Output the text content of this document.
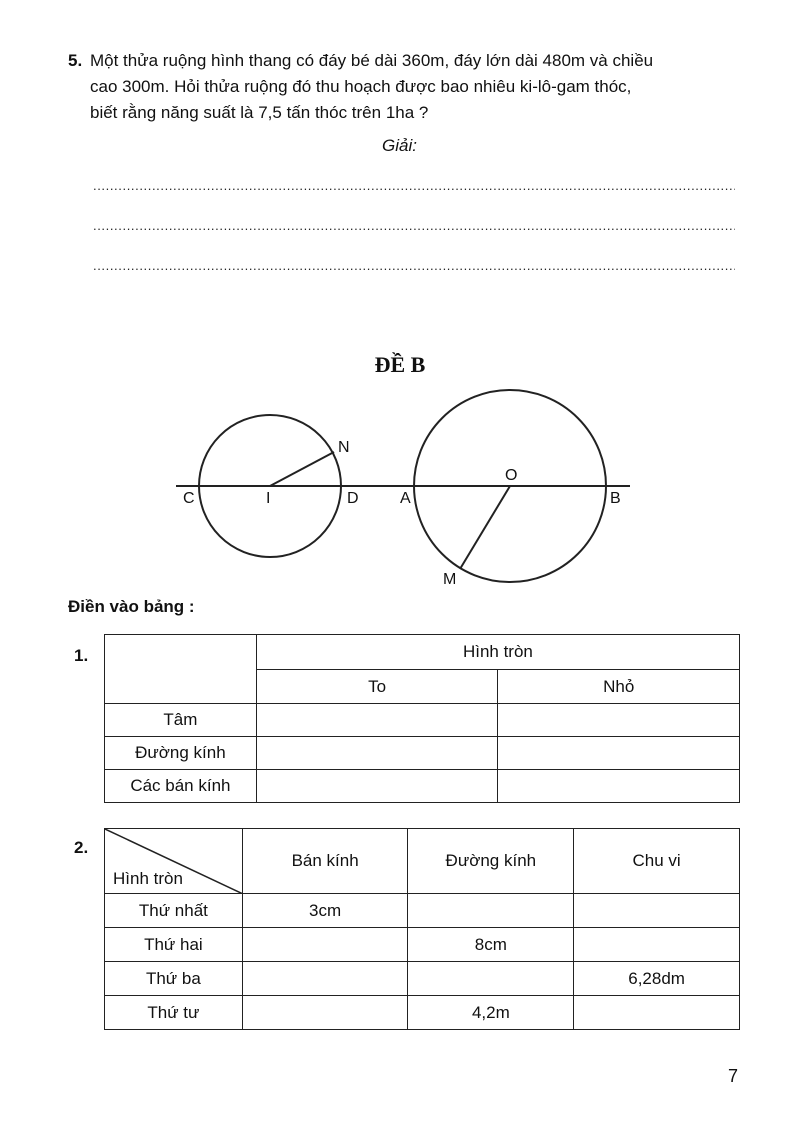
5. Một thửa ruộng hình thang có đáy bé dài 360m, đáy lớn dài 480m và chiều
cao 300m. Hỏi thửa ruộng đó thu hoạch được bao nhiêu ki-lô-gam thóc,
biết rằng năng suất là 7,5 tấn thóc trên 1ha ?
Giải:
.....
.....
.....
ĐỀ B
C	I	D
N
A
O
B
M
Điền vào bảng :
1.
		Hình tròn	
	To	Nhỏ
Tâm		
Đường kính		
Các bán kính		
2.
Hình tròn	Bán kính	Đường kính	Chu vi
Thứ nhất	3cm		
Thứ hai		8cm	
Thứ ba			6,28dm
Thứ tư		4,2m	
7
